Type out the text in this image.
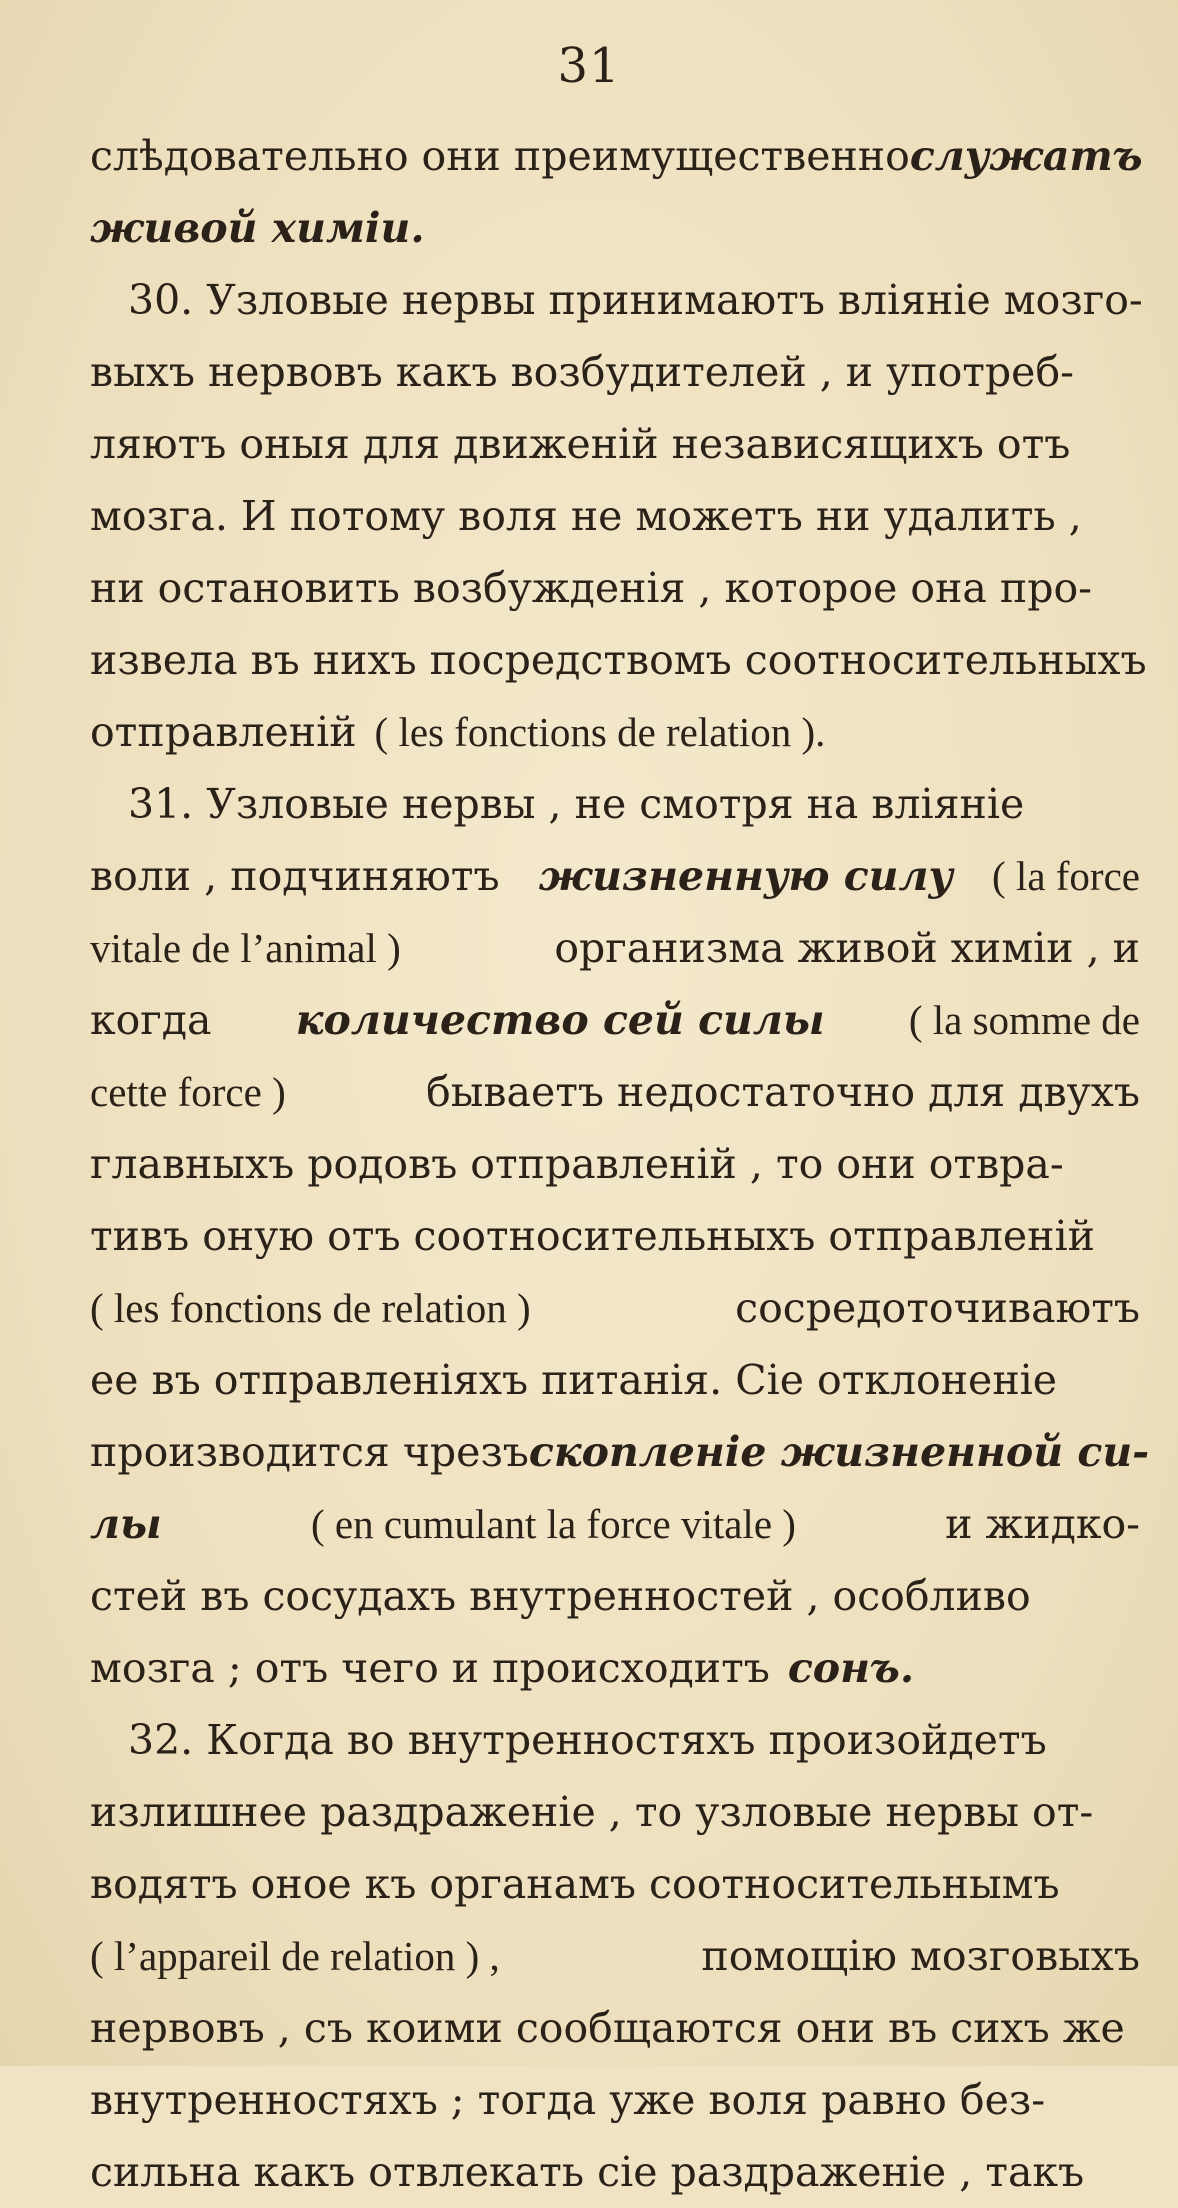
31
слѣдовательно они преимущественно служатъ
живой химіи.
30. Узловые нервы принимаютъ вліяніе мозго-
выхъ нервовъ какъ возбудителей , и употреб-
ляютъ оныя для движеній независящихъ отъ
мозга. И потому воля не можетъ ни удалить ,
ни остановить возбужденія , которое она про-
извела въ нихъ посредствомъ соотносительныхъ
отправленій ( les fonctions de relation ).
31. Узловые нервы , не смотря на вліяніе
воли , подчиняютъ жизненную силу ( la force
vitale de l’animal )	организма живой химіи , и
когда количество сей силы ( la somme de
cette force )	бываетъ недостаточно для двухъ
главныхъ родовъ отправленій , то они отвра-
тивъ оную отъ соотносительныхъ отправленій
( les fonctions de relation )	сосредоточиваютъ
ее въ отправленіяхъ питанія. Сіе отклоненіе
производится чрезъ скопленіе жизненной си-
лы	( en cumulant la force vitale )	и жидко-
стей въ сосудахъ внутренностей , особливо
мозга ; отъ чего и происходитъ сонъ.
32. Когда во внутренностяхъ произойдетъ
излишнее раздраженіе , то узловые нервы от-
водятъ оное къ органамъ соотносительнымъ
( l’appareil de relation ) ,	помощію мозговыхъ
нервовъ , съ коими сообщаются они въ сихъ же
внутренностяхъ ; тогда уже воля равно без-
сильна какъ отвлекать сіе раздраженіе , такъ
